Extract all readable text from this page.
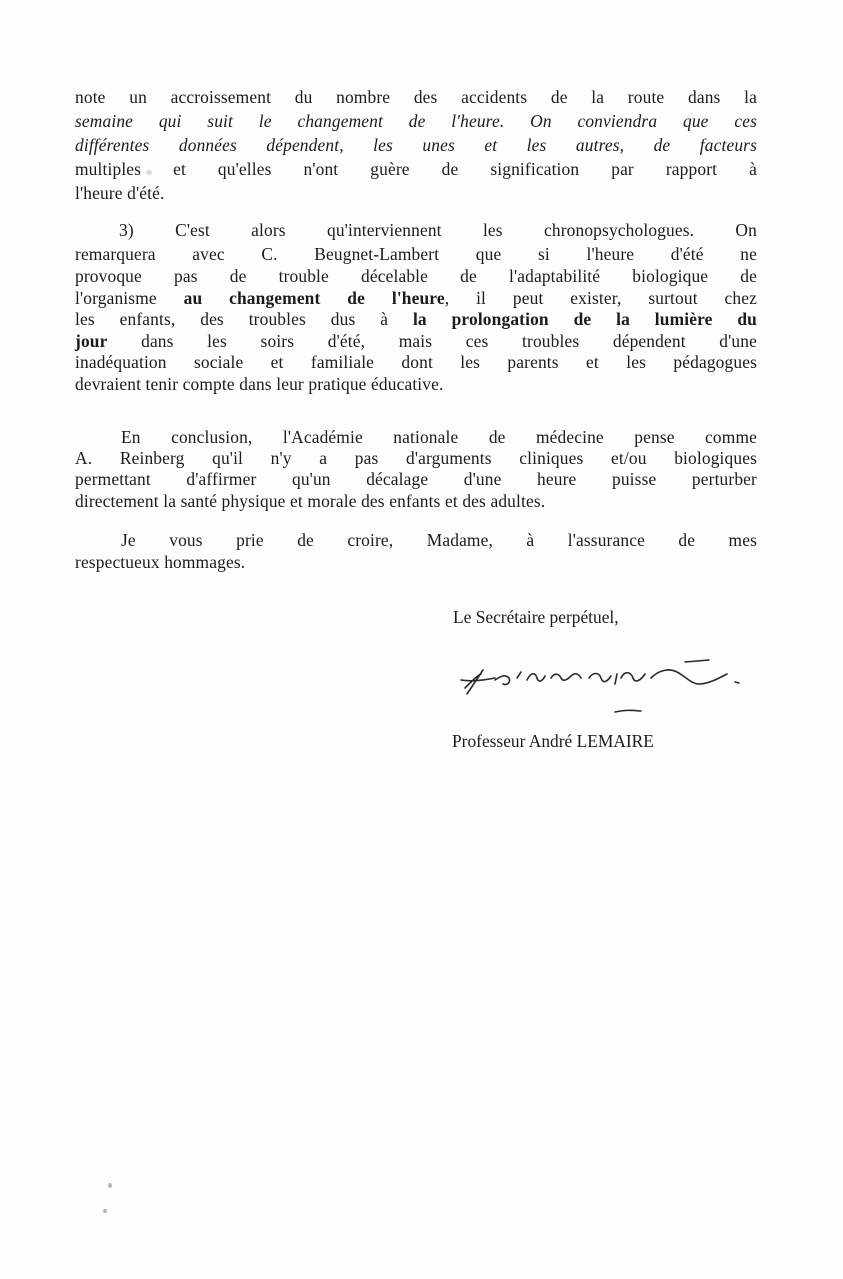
note un accroissement du nombre des accidents de la route dans la
semaine qui suit le changement de l'heure. On conviendra que ces
différentes données dépendent, les unes et les autres, de facteurs
multiples et qu'elles n'ont guère de signification par rapport à
l'heure d'été.
3) C'est alors qu'interviennent les chronopsychologues. On
remarquera avec C. Beugnet-Lambert que si l'heure d'été ne
provoque pas de trouble décelable de l'adaptabilité biologique de
l'organisme au changement de l'heure, il peut exister, surtout chez
les enfants, des troubles dus à la prolongation de la lumière du
jour dans les soirs d'été, mais ces troubles dépendent d'une
inadéquation sociale et familiale dont les parents et les pédagogues
devraient tenir compte dans leur pratique éducative.
En conclusion, l'Académie nationale de médecine pense comme
A. Reinberg qu'il n'y a pas d'arguments cliniques et/ou biologiques
permettant d'affirmer qu'un décalage d'une heure puisse perturber
directement la santé physique et morale des enfants et des adultes.
Je vous prie de croire, Madame, à l'assurance de mes
respectueux hommages.
Le Secrétaire perpétuel,
Professeur André LEMAIRE
